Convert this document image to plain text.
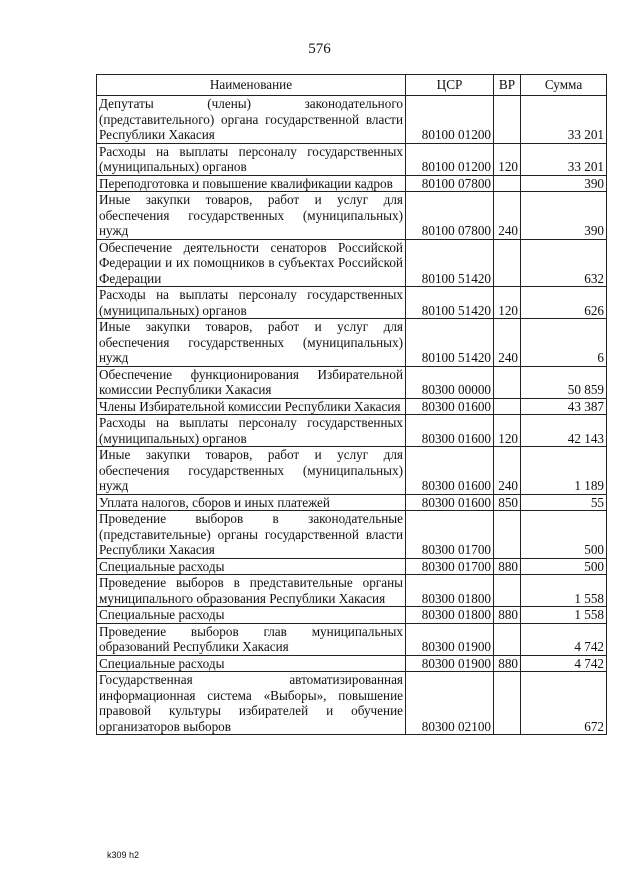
576
Наименование	ЦСР	ВР	Сумма
Депутаты (члены) законодательного (представительного) органа государственной власти Республики Хакасия	80100 01200		33 201
Расходы на выплаты персоналу государственных (муниципальных) органов	80100 01200	120	33 201
Переподготовка и повышение квалификации кадров	80100 07800		390
Иные закупки товаров, работ и услуг для обеспечения государственных (муниципальных) нужд	80100 07800	240	390
Обеспечение деятельности сенаторов Российской Федерации и их помощников в субъектах Российской Федерации	80100 51420		632
Расходы на выплаты персоналу государственных (муниципальных) органов	80100 51420	120	626
Иные закупки товаров, работ и услуг для обеспечения государственных (муниципальных) нужд	80100 51420	240	6
Обеспечение функционирования Избирательной комиссии Республики Хакасия	80300 00000		50 859
Члены Избирательной комиссии Республики Хакасия	80300 01600		43 387
Расходы на выплаты персоналу государственных (муниципальных) органов	80300 01600	120	42 143
Иные закупки товаров, работ и услуг для обеспечения государственных (муниципальных) нужд	80300 01600	240	1 189
Уплата налогов, сборов и иных платежей	80300 01600	850	55
Проведение выборов в законодательные (представительные) органы государственной власти Республики Хакасия	80300 01700		500
Специальные расходы	80300 01700	880	500
Проведение выборов в представительные органы муниципального образования Республики Хакасия	80300 01800		1 558
Специальные расходы	80300 01800	880	1 558
Проведение выборов глав муниципальных образований Республики Хакасия	80300 01900		4 742
Специальные расходы	80300 01900	880	4 742
Государственная автоматизированная информационная система «Выборы», повышение правовой культуры избирателей и обучение организаторов выборов	80300 02100		672
k309 h2
